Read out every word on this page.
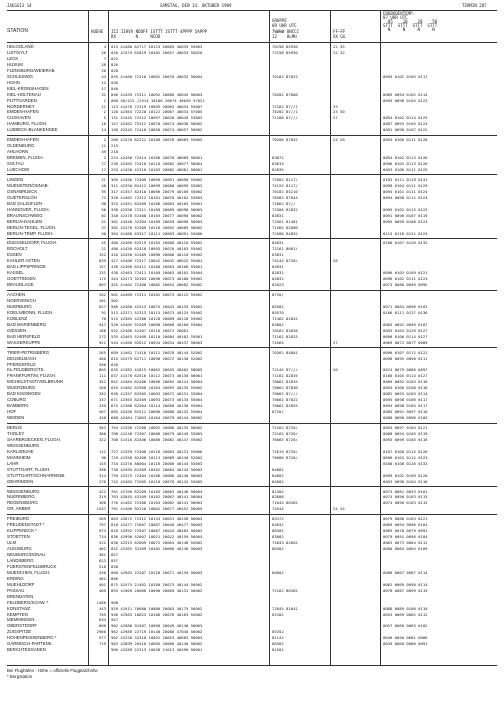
JAEGGI3 14	SAMSTAG, DEN 14. OKTOBER 1989	TERMIN 287
ERDBODENTEMP.
07 UHR UTC
GRUPPE	05    10    20    50
09 UHR UTC	STTT  STTT  STTT  STTT
N     N     N     N
STATION	HOEHE III IIHVV NDDFF 1STTT 2STTT 4PPPP 5APPP	7WWWW 8NCCC	FF–FF
RX        N     NCDD	12    HLMH	XX GG
HELGOLAND	4 015 41480 62717 10123 20065 40035 55003	70198 85930	22 35
LIST/SYLT	26 020 41575 62819 10102 20057 40033 55020	72198 85930	22 32
LECK	7 022
HUSUM	28 026
FLENSBURG/WEIERAB	20 028
SCHLESWIG	43 035 41460 72210 10092 20076 40032 56004	70182 87822	0095 0102 0105 0117
HOHN	12 038
KIEL-KRONSHAGEN	17 040
KIEL-HOLTENAU	31 046 41459 72311 10092 20060 40045 56003	70282 87800	0085 0094 0102 0114
PUTTGARDEN	1 060 46/412 /2314 10100 20074 40039 57021	0095 0098 0104 0123
NORDERNEY	11 113 41470 72319 10095 20065 40034 55007	72182 87//2	33
EMDEN-HAFEN	2 120 42364 72220 10122 20067 40034 57005	70282 87//1	23 30
CUXHAVEN	5 131 41445 72412 10097 20020 40049 53002	71286 87///	27	0094 0102 0114 0125
HAMBURG, FLUGH.	16 147 42462 75312 10070 20074 40038 56002	0087 0093 0105 0124
LUEBECK-BLANKENSEE	14 156 42345 72410 10056 20074 40057 56002	0091 0098 0107 0122
EMDEN-HAFEN	2 200 41570 82221 10100 20076 40065 55005	70286 87842	24 28	0093 0100 0111 0128
OLDENBURG	11 215
AHLHORN	49 218
BREMEN, FLUGH.	2 224 42458 72414 10106 20078 40069 56001	83872	0094 0102 0113 0126
SOLTAU	77 238 42465 72410 10110 20082 40077 58004	83815	0096 0103 0113 0126
LUECHOW	17 253 41458 42310 10103 20082 40081 56001	82835	0093 0100 0111 0125
LINGEN	21 305 41456 72409 10099 20091 40090 55002	72582 8117/	0103 0111 0119 0131
MUENSTER/OSNAB.	48 311 42350 82412 10099 20080 40099 55002	74155 8117/	0098 0104 0111 0129
OSNABRUECK	95 317 41357 82410 10096 20079 40109 55002	70182 85210	0094 0101 0111 0124
GUETERSLOH	72 320 41462 72312 10101 20076 40102 53003	76583 87844	0094 0098 0112 0124
BAD SALZUFLEN	98 325 41451 82509 10106 20083 40105 55001	71862 87//
HANNOVER, FLUGH.	56 338 42358 72311 10109 20089 40098 56003	72586 82832	0095 0102 0115 0123
BRAUNSCHWEIG	81 348 42470 52408 10105 20077 40090 56002	83831	0091 0096 0107 0119
BERLIN-DAHLEM	51 381 43448 32304 10109 20059 40090 56003	72561 81461	0095 0099 0108 0123
BERLIN-TEGEL, FLUGH.	37 382 42470 52309 10116 20092 40089 56002	71565 82800
BERLIN-TEMP, FLUGH.	50 384 41468 63517 10111 20083 40091 55006	72586 84832	0113 0116 0121 0124
DUESSELDORF, FLUGH.	45 400 42460 62519 10105 20080 40116 55002	84831	0100 0107 0120 0132
BOCHOLT	21 406 41450 62410 10093 20076 40103 55002	72162 8081/
ESSEN	152 410 42458 52409 10096 20080 40110 55002	83831
KAHLER ASTEN	839 427 42408 72517 10042 20042 48625 55001	74144 8720/	28
BAD LIPPSPRINGE	157 430 42460 62411 10108 20063 40108 55001	84831
KASSEL	231 438 42463 72411 10109 20063 40102 55004	82832	0096 0103 0109 0121
GOETTINGEN	175 444 42473 32303 10098 20073 40100 55002	84832	0096 0102 0111 0124
BRAUNLAGE	607 452 41462 72408 10082 20054 40082 55002	82823	0073 0086 0099 0095
AACHEN	202 501 42469 72311 10102 20073 40122 55002	8720/
NOERVENICH	101 502
NUERBURG	627 506 42460 42513 10075 20043 40135 55002	85502	0071 0084 0096 0103
KOELN/BONN, FLUGH.	91 513 42371 52313 10115 20073 40125 55002	85570	0106 0111 0127 0136
KOBLENZ	70 515 42385 42306 10120 20089 40118 55002	71462 82842
BAD MARIENBERG	547 526 42405 52509 10090 20068 40160 53004	83802	0083 0092 0099 0107
GIESSEN	186 532 42480 52407 10116 20072 26001	70162 83838	0093 0103 0120 0127
BAD HERSFELD	272 535 42463 52409 10110 20084 40102 55001	71162 82825	0098 0106 0114 0127
WASSERKUPPE	921 544 41400 92612 10034 20034 48437 58003	74565	27	0069 0072 0077 0089
TRIER-PETRISBERG	265 609 41462 71410 10112 20078 40144 52002	70262 84801	0096 0107 0112 0122
DEUSELBACH	480 615 42475 62711 10098 20072 40138 52002	0090 0095 0098 0111
PFERDSFELD	396 626
KL.FELDBERG/TS.	805 635 41382 41815 10062 20035 48462 58005	72145 87///	26	0074 0079 0086 0097
FRANKFURT/M, FLUGH.	111 637 41470 62516 10112 20073 40130 56001	71162 82835	0100 0105 0113 0127
MICHELSTADT/VIELBRUNN	452 642 42484 62406 10096 20092 40141 56004	70062 82835	0089 0092 0103 0116
WUERZBURG	268 655 41462 62508 10104 20093 40135 55002	70062 87830	0093 0100 0108 0118
BAD KISSINGEN	282 658 41357 82505 10093 20072 40131 55004	70062 87///	0082 0093 0103 0114
COBURG	337 671 42365 82409 10093 20073 40135 55004	70062 87822	0095 0098 0106 0117
BAMBERG	239 675 41366 82504 10114 20090 40138 55004	70062 82855	0094 0098 0105 0117
HOF	567 685 42458 82511 10096 20080 40132 55004	8720/	0085 0091 0097 0110
WEIDEN	438 688 42464 71803 10104 20079 40144 56002	0088 0090 0096 0103
BERUS	363 704 41358 72208 10092 20086 40135 56002	72162 8720/	0093 0097 0104 0121
THOLEY	386 708 41240 72307 10086 20079 40149 55003	72162 8720/	0088 0094 0105 0119
SAARBRUECKEN, FLUGH.	322 708 41410 82406 10086 20082 40147 55002	76065 8720/	0093 0099 0105 0116
WEISSENBURG
KARLSRUHE	112 727 41359 72408 10116 20083 40131 55006	71019 8720/	0107 0108 0115 0126
MANNHEIM	96 729 41358 82408 10113 20089 40140 52002	76086 8720/	0096 0103 0112 0123
LAHR	155 734 41370 80004 10116 20086 40144 55003	0108 0108 0120 0133
STUTTGART, FLUGH.	396 738 42495 62309 10102 20084 40144 56003	84802
STUTTGART/SCHNARRENB.	314 739 42375 72404 10106 20086 40140 56003	84802	0099 0102 0109 0120
OEHRINGEN	276 742 42465 72505 10110 20076 40142 55005	84802	0093 0098 0104 0116
WEISSENBURG	422 761 42760 62209 10105 20063 40146 58004	81302	0073 0081 0093 0101
NUERNBERG	319 763 42845 43109 10102 20067 40141 58004	82808	0074 0090 0103 0115
REGENSBURG	366 776 41462 72308 10104 20082 40141 56003	71045 80302	0074 0090 0103 0115
GR. ARBER	1437 791 41400 92220 10002 20077 48452 58005	74544	24 34
FREIBURG	269 803 42872 72312 10143 20031 40158 56003	85372	0079 0088 0103 0121
FREUDENSTADT *	797 818 42477 72607 10087 20040 48477 56003	84832	0089 0094 0096 0104
KLIPPENECK *	973 818 42992 72507 10087 20044 48484 56002	80302	0065 0070 0079 0091
STOETTEN	734 836 42990 52607 10021 20022 40159 56004	83802	0079 0091 0096 0104
ULM	522 838 42315 62009 10072 20064 40146 55002	71843 82602	0063 0073 0084 0112
AUGSBURG	462 852 42365 32309 10102 20066 40148 56003	80302	0080 0084 0094 0109
NEUBURG/DONAU	381 857
LANDSBERG	623 857
FUERSTENFELDBRUCK	518 858
MUENCHEN, FLUGH.	530 860 42983 22207 10126 20071 40139 56003	80002	0088 0067 0087 0114
ERDING	462 866
MUEHLDORF	401 875 42475 21402 10100 20073 40144 56002	0062 0069 0090 0114
PASSAU	409 893 41909 20000 10090 20069 40131 56002	72162 80302	0078 0087 0099 0119
BRENDATEN
FELDBERG/SCHW. *	1486 908
KONSTANZ	443 929 41911 70000 10080 20083 40175 56002	72845 81642	0088 0089 0100 0110
KEMPTEN	705 946 42983 10823 10106 20076 40163 55002	81302	0053 0069 0082 0112
MEMMINGEN	634 947
OBERSTDORF	806 962 42986 91507 10090 20049 40140 56003	0057 0068 0083 0102
ZUGSPITZE	2960 962 42989 22719 10148 20086 47040 56002	85352
HOHENPEISSENBERG *	977 962 42256 32310 10092 20053 48683 58003	81142	0046 0050 0061 0086
GARMISCH-PARTENK.	719 963 42899 20410 10085 20060 40140 56002	80302	0039 0060 0080 0091
BERCHTESGADEN	966 42289 22313 10038 21013 40496 56001	81502
Bei Flughäfen : Höhe = offizielle Flugplatzhöhe
* Bergstation
